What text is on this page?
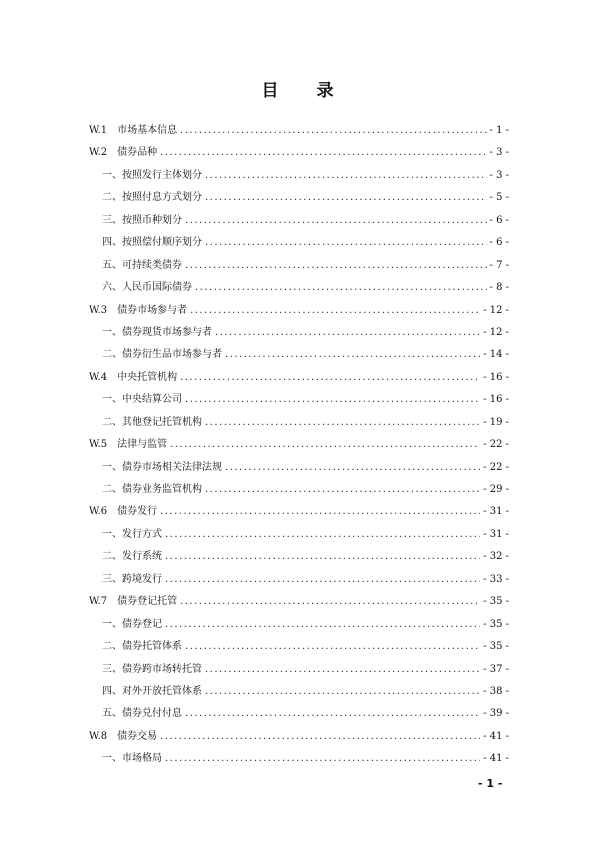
目 录
W.1　市场基本信息 .....	- 1 -
W.2　债券品种 .....	- 3 -
一、按照发行主体划分 .....	- 3 -
二、按照付息方式划分 .....	- 5 -
三、按照币种划分 .....	- 6 -
四、按照偿付顺序划分 .....	- 6 -
五、可持续类债券 .....	- 7 -
六、人民币国际债券 .....	- 8 -
W.3　债券市场参与者 .....	- 12 -
一、债券现货市场参与者 .....	- 12 -
二、债券衍生品市场参与者 .....	- 14 -
W.4　中央托管机构 .....	- 16 -
一、中央结算公司 .....	- 16 -
二、其他登记托管机构 .....	- 19 -
W.5　法律与监管 .....	- 22 -
一、债券市场相关法律法规 .....	- 22 -
二、债券业务监管机构 .....	- 29 -
W.6　债券发行 .....	- 31 -
一、发行方式 .....	- 31 -
二、发行系统 .....	- 32 -
三、跨境发行 .....	- 33 -
W.7　债券登记托管 .....	- 35 -
一、债券登记 .....	- 35 -
二、债券托管体系 .....	- 35 -
三、债券跨市场转托管 .....	- 37 -
四、对外开放托管体系 .....	- 38 -
五、债券兑付付息 .....	- 39 -
W.8　债券交易 .....	- 41 -
一、市场格局 .....	- 41 -
- 1 -
